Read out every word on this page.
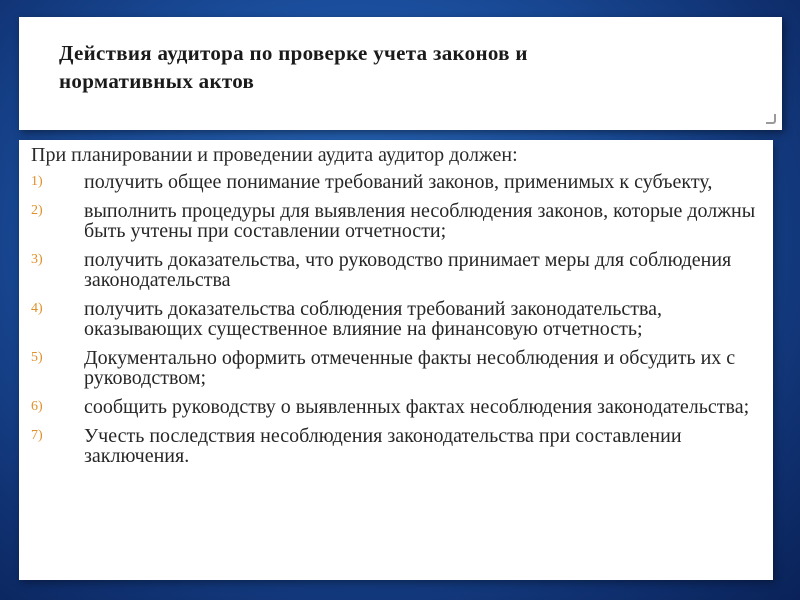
Действия аудитора по проверке учета законов и
нормативных актов

При планировании и проведении аудита аудитор должен:

1) получить общее понимание требований законов, применимых к субъекту,
2) выполнить процедуры для выявления несоблюдения законов, которые должны быть учтены при составлении отчетности;
3) получить доказательства, что руководство принимает меры для соблюдения законодательства
4) получить доказательства соблюдения требований законодательства, оказывающих существенное влияние на финансовую отчетность;
5) Документально оформить отмеченные факты несоблюдения и обсудить их с руководством;
6) сообщить руководству о выявленных фактах несоблюдения законодательства;
7) Учесть последствия несоблюдения законодательства при составлении заключения.
